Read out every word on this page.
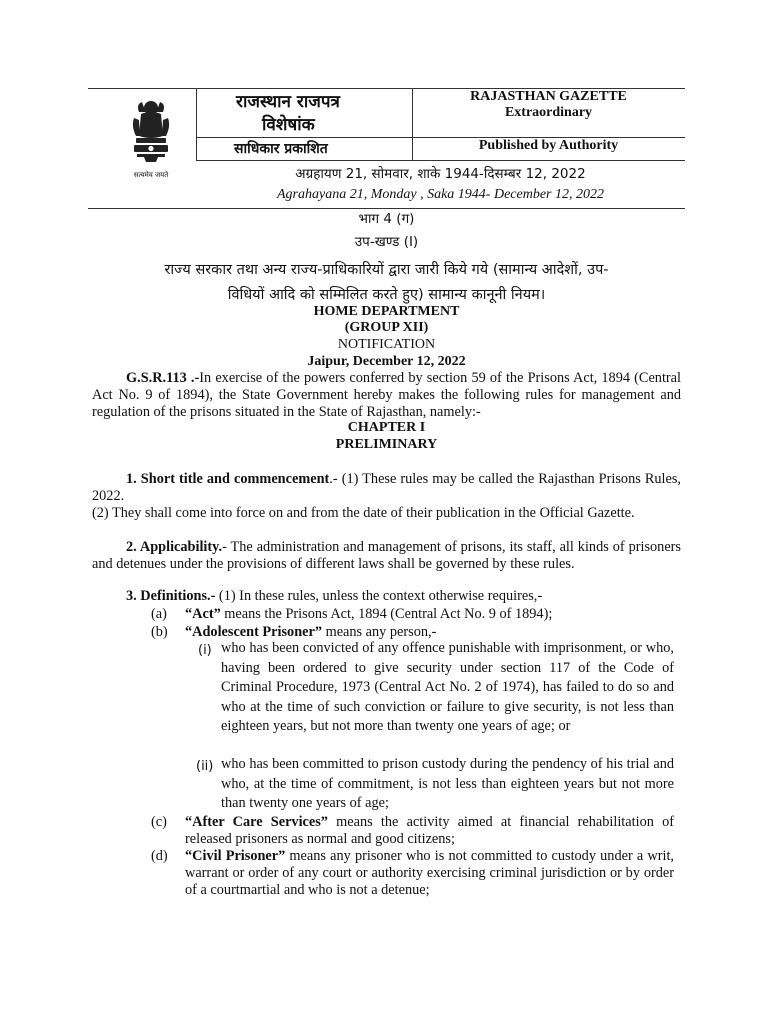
सत्यमेव जयते
राजस्थान राजपत्र
विशेषांक
साधिकार प्रकाशित
RAJASTHAN GAZETTE
Extraordinary
Published by Authority
अग्रहायण 21, सोमवार, शाके 1944-दिसम्बर 12, 2022
Agrahayana 21, Monday , Saka 1944- December 12, 2022
भाग 4 (ग)
उप-खण्ड (I)
राज्य सरकार तथा अन्य राज्य-प्राधिकारियों द्वारा जारी किये गये (सामान्य आदेशों, उप-
विधियों आदि को सम्मिलित करते हुए) सामान्य कानूनी नियम।
HOME DEPARTMENT
(GROUP XII)
NOTIFICATION
Jaipur, December 12, 2022
G.S.R.113 .-In exercise of the powers conferred by section 59 of the Prisons Act, 1894 (Central Act No. 9 of 1894), the State Government hereby makes the following rules for management and regulation of the prisons situated in the State of Rajasthan, namely:-
CHAPTER I
PRELIMINARY
1. Short title and commencement.- (1) These rules may be called the Rajasthan Prisons Rules, 2022.
(2) They shall come into force on and from the date of their publication in the Official Gazette.
2. Applicability.- The administration and management of prisons, its staff, all kinds of prisoners and detenues under the provisions of different laws shall be governed by these rules.
3. Definitions.- (1) In these rules, unless the context otherwise requires,-
(a) “Act” means the Prisons Act, 1894 (Central Act No. 9 of 1894);
(b) “Adolescent Prisoner” means any person,-
(i) who has been convicted of any offence punishable with imprisonment, or who, having been ordered to give security under section 117 of the Code of Criminal Procedure, 1973 (Central Act No. 2 of 1974), has failed to do so and who at the time of such conviction or failure to give security, is not less than eighteen years, but not more than twenty one years of age; or
(ii) who has been committed to prison custody during the pendency of his trial and who, at the time of commitment, is not less than eighteen years but not more than twenty one years of age;
(c) “After Care Services” means the activity aimed at financial rehabilitation of released prisoners as normal and good citizens;
(d) “Civil Prisoner” means any prisoner who is not committed to custody under a writ, warrant or order of any court or authority exercising criminal jurisdiction or by order of a courtmartial and who is not a detenue;
